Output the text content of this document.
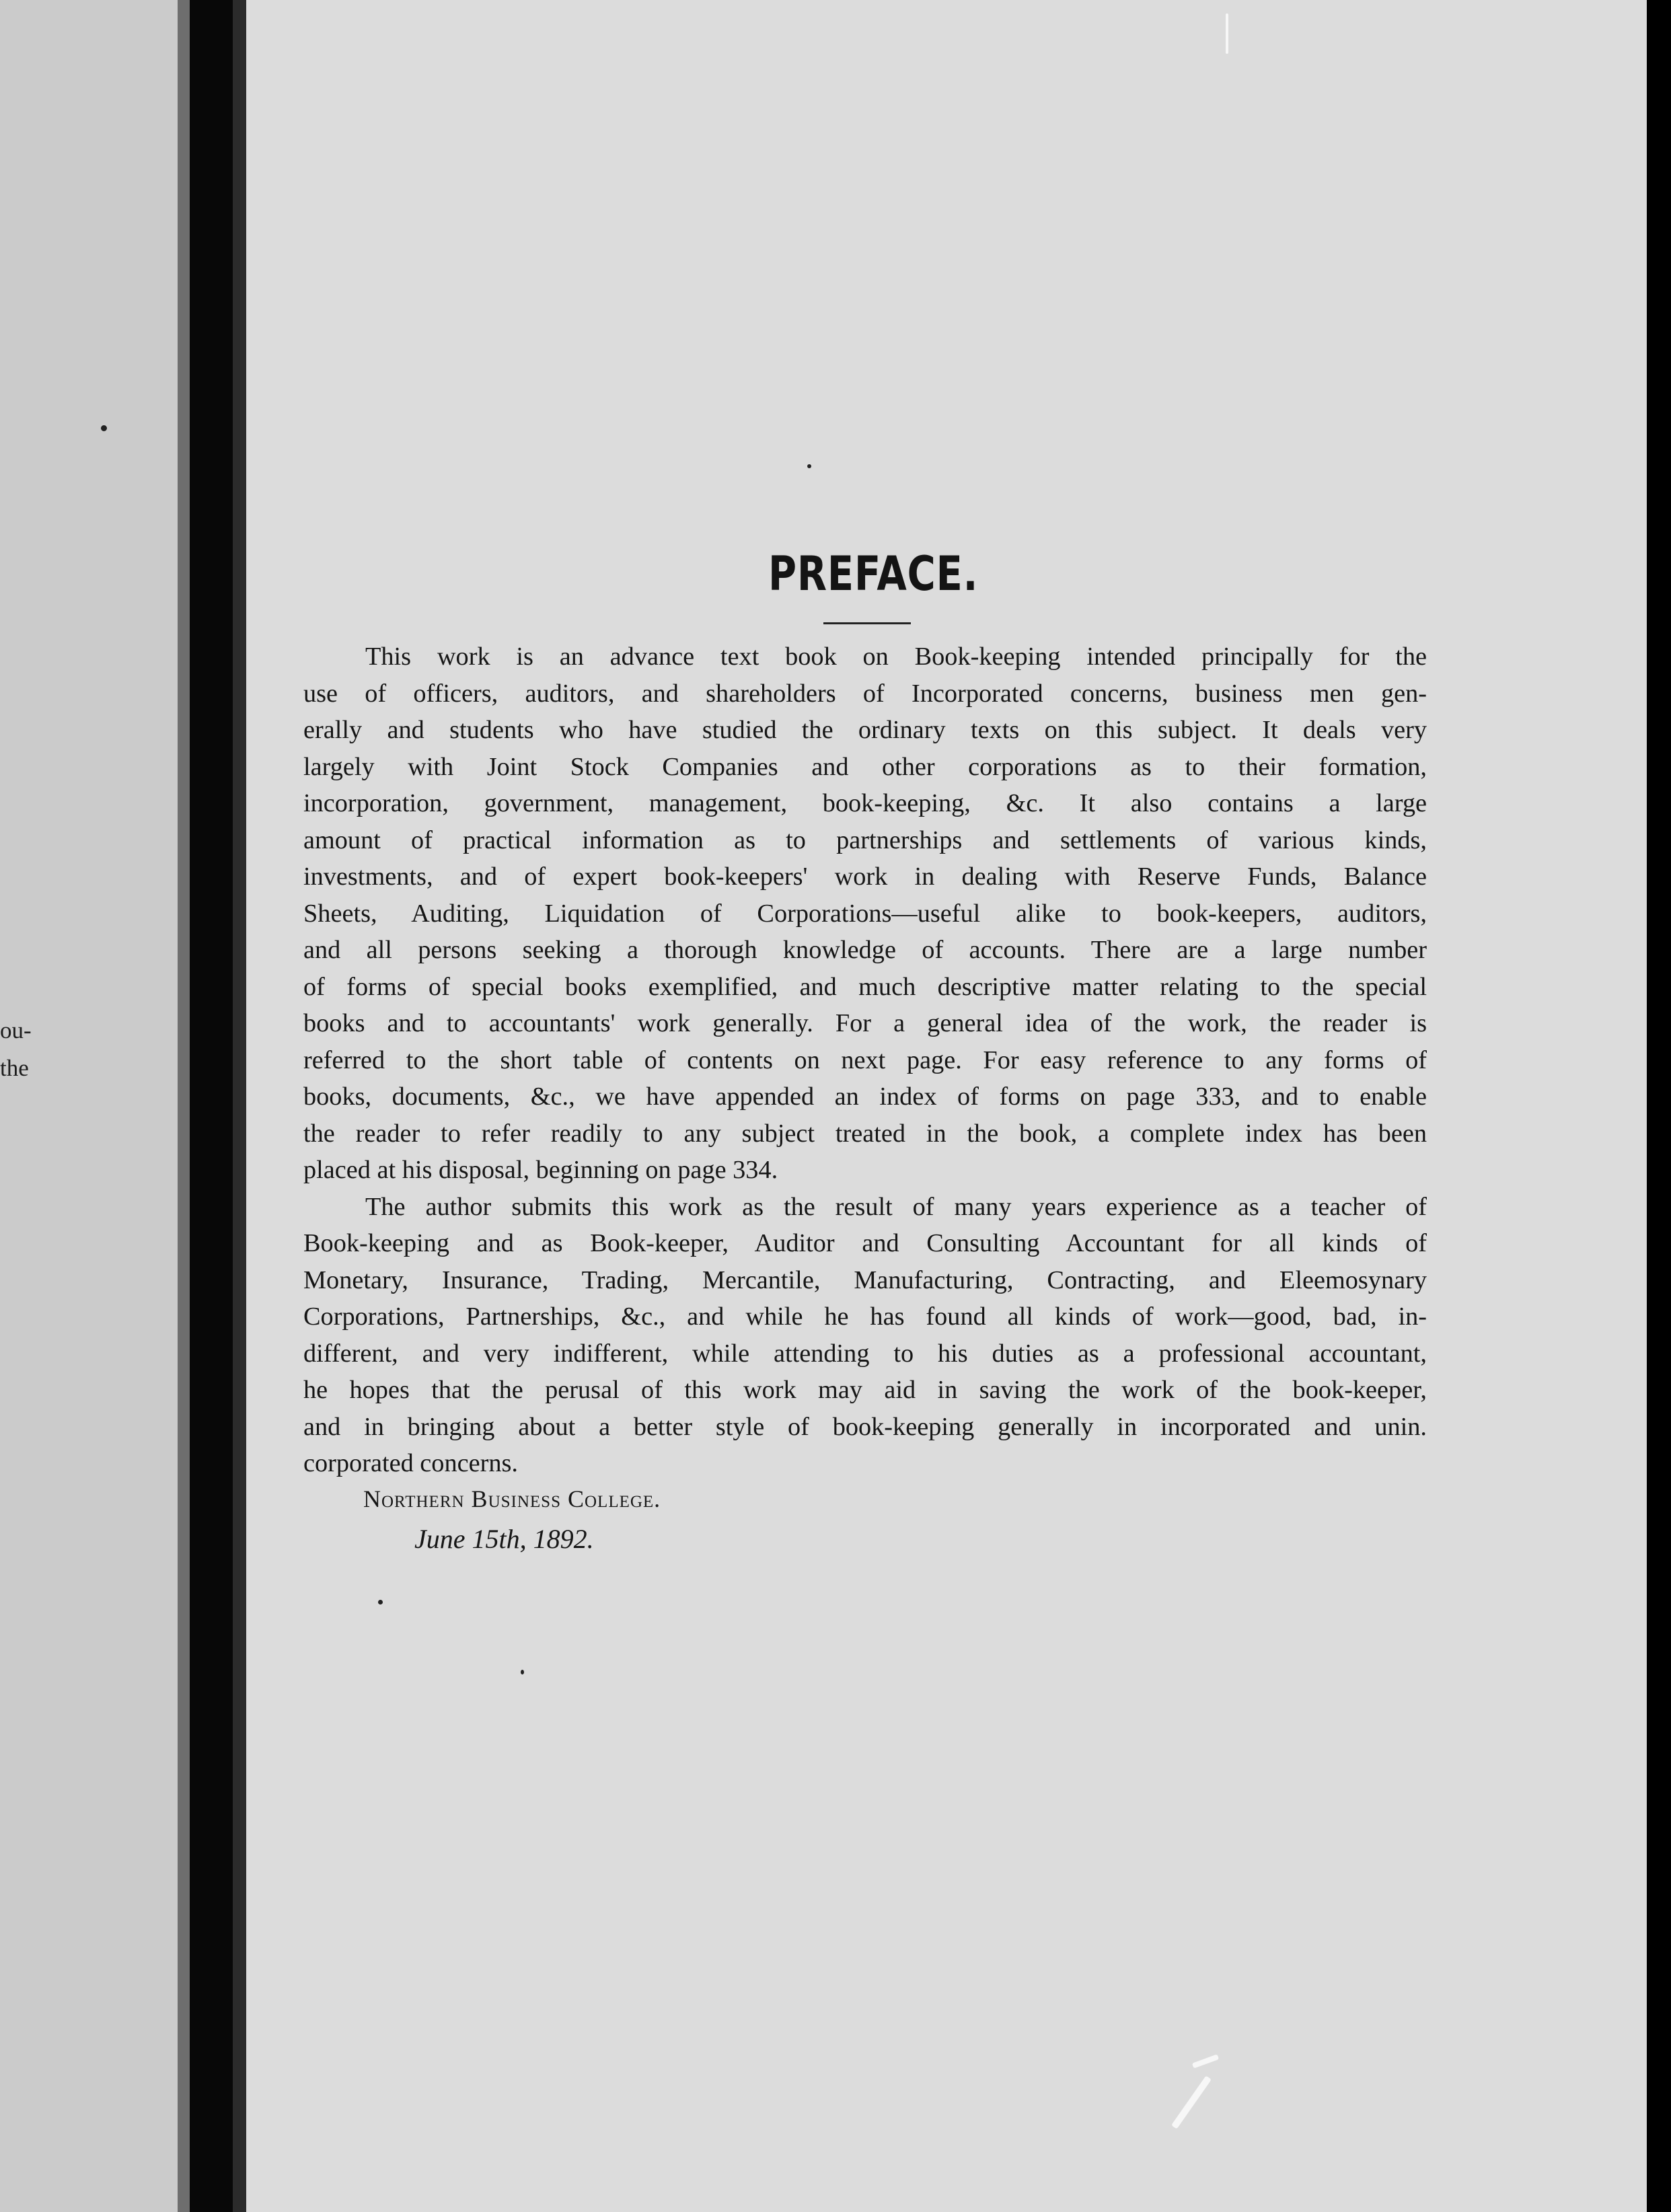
ou-
the
PREFACE.
This work is an advance text book on Book-keeping intended principally for the
use of officers, auditors, and shareholders of Incorporated concerns, business men gen-
erally and students who have studied the ordinary texts on this subject. It deals very
largely with Joint Stock Companies and other corporations as to their formation,
incorporation, government, management, book-keeping, &c. It also contains a large
amount of practical information as to partnerships and settlements of various kinds,
investments, and of expert book-keepers' work in dealing with Reserve Funds, Balance
Sheets, Auditing, Liquidation of Corporations—useful alike to book-keepers, auditors,
and all persons seeking a thorough knowledge of accounts. There are a large number
of forms of special books exemplified, and much descriptive matter relating to the special
books and to accountants' work generally. For a general idea of the work, the reader is
referred to the short table of contents on next page. For easy reference to any forms of
books, documents, &c., we have appended an index of forms on page 333, and to enable
the reader to refer readily to any subject treated in the book, a complete index has been
placed at his disposal, beginning on page 334.
The author submits this work as the result of many years experience as a teacher of
Book-keeping and as Book-keeper, Auditor and Consulting Accountant for all kinds of
Monetary, Insurance, Trading, Mercantile, Manufacturing, Contracting, and Eleemosynary
Corporations, Partnerships, &c., and while he has found all kinds of work—good, bad, in-
different, and very indifferent, while attending to his duties as a professional accountant,
he hopes that the perusal of this work may aid in saving the work of the book-keeper,
and in bringing about a better style of book-keeping generally in incorporated and unin.
corporated concerns.
Northern Business College.
June 15th, 1892.
